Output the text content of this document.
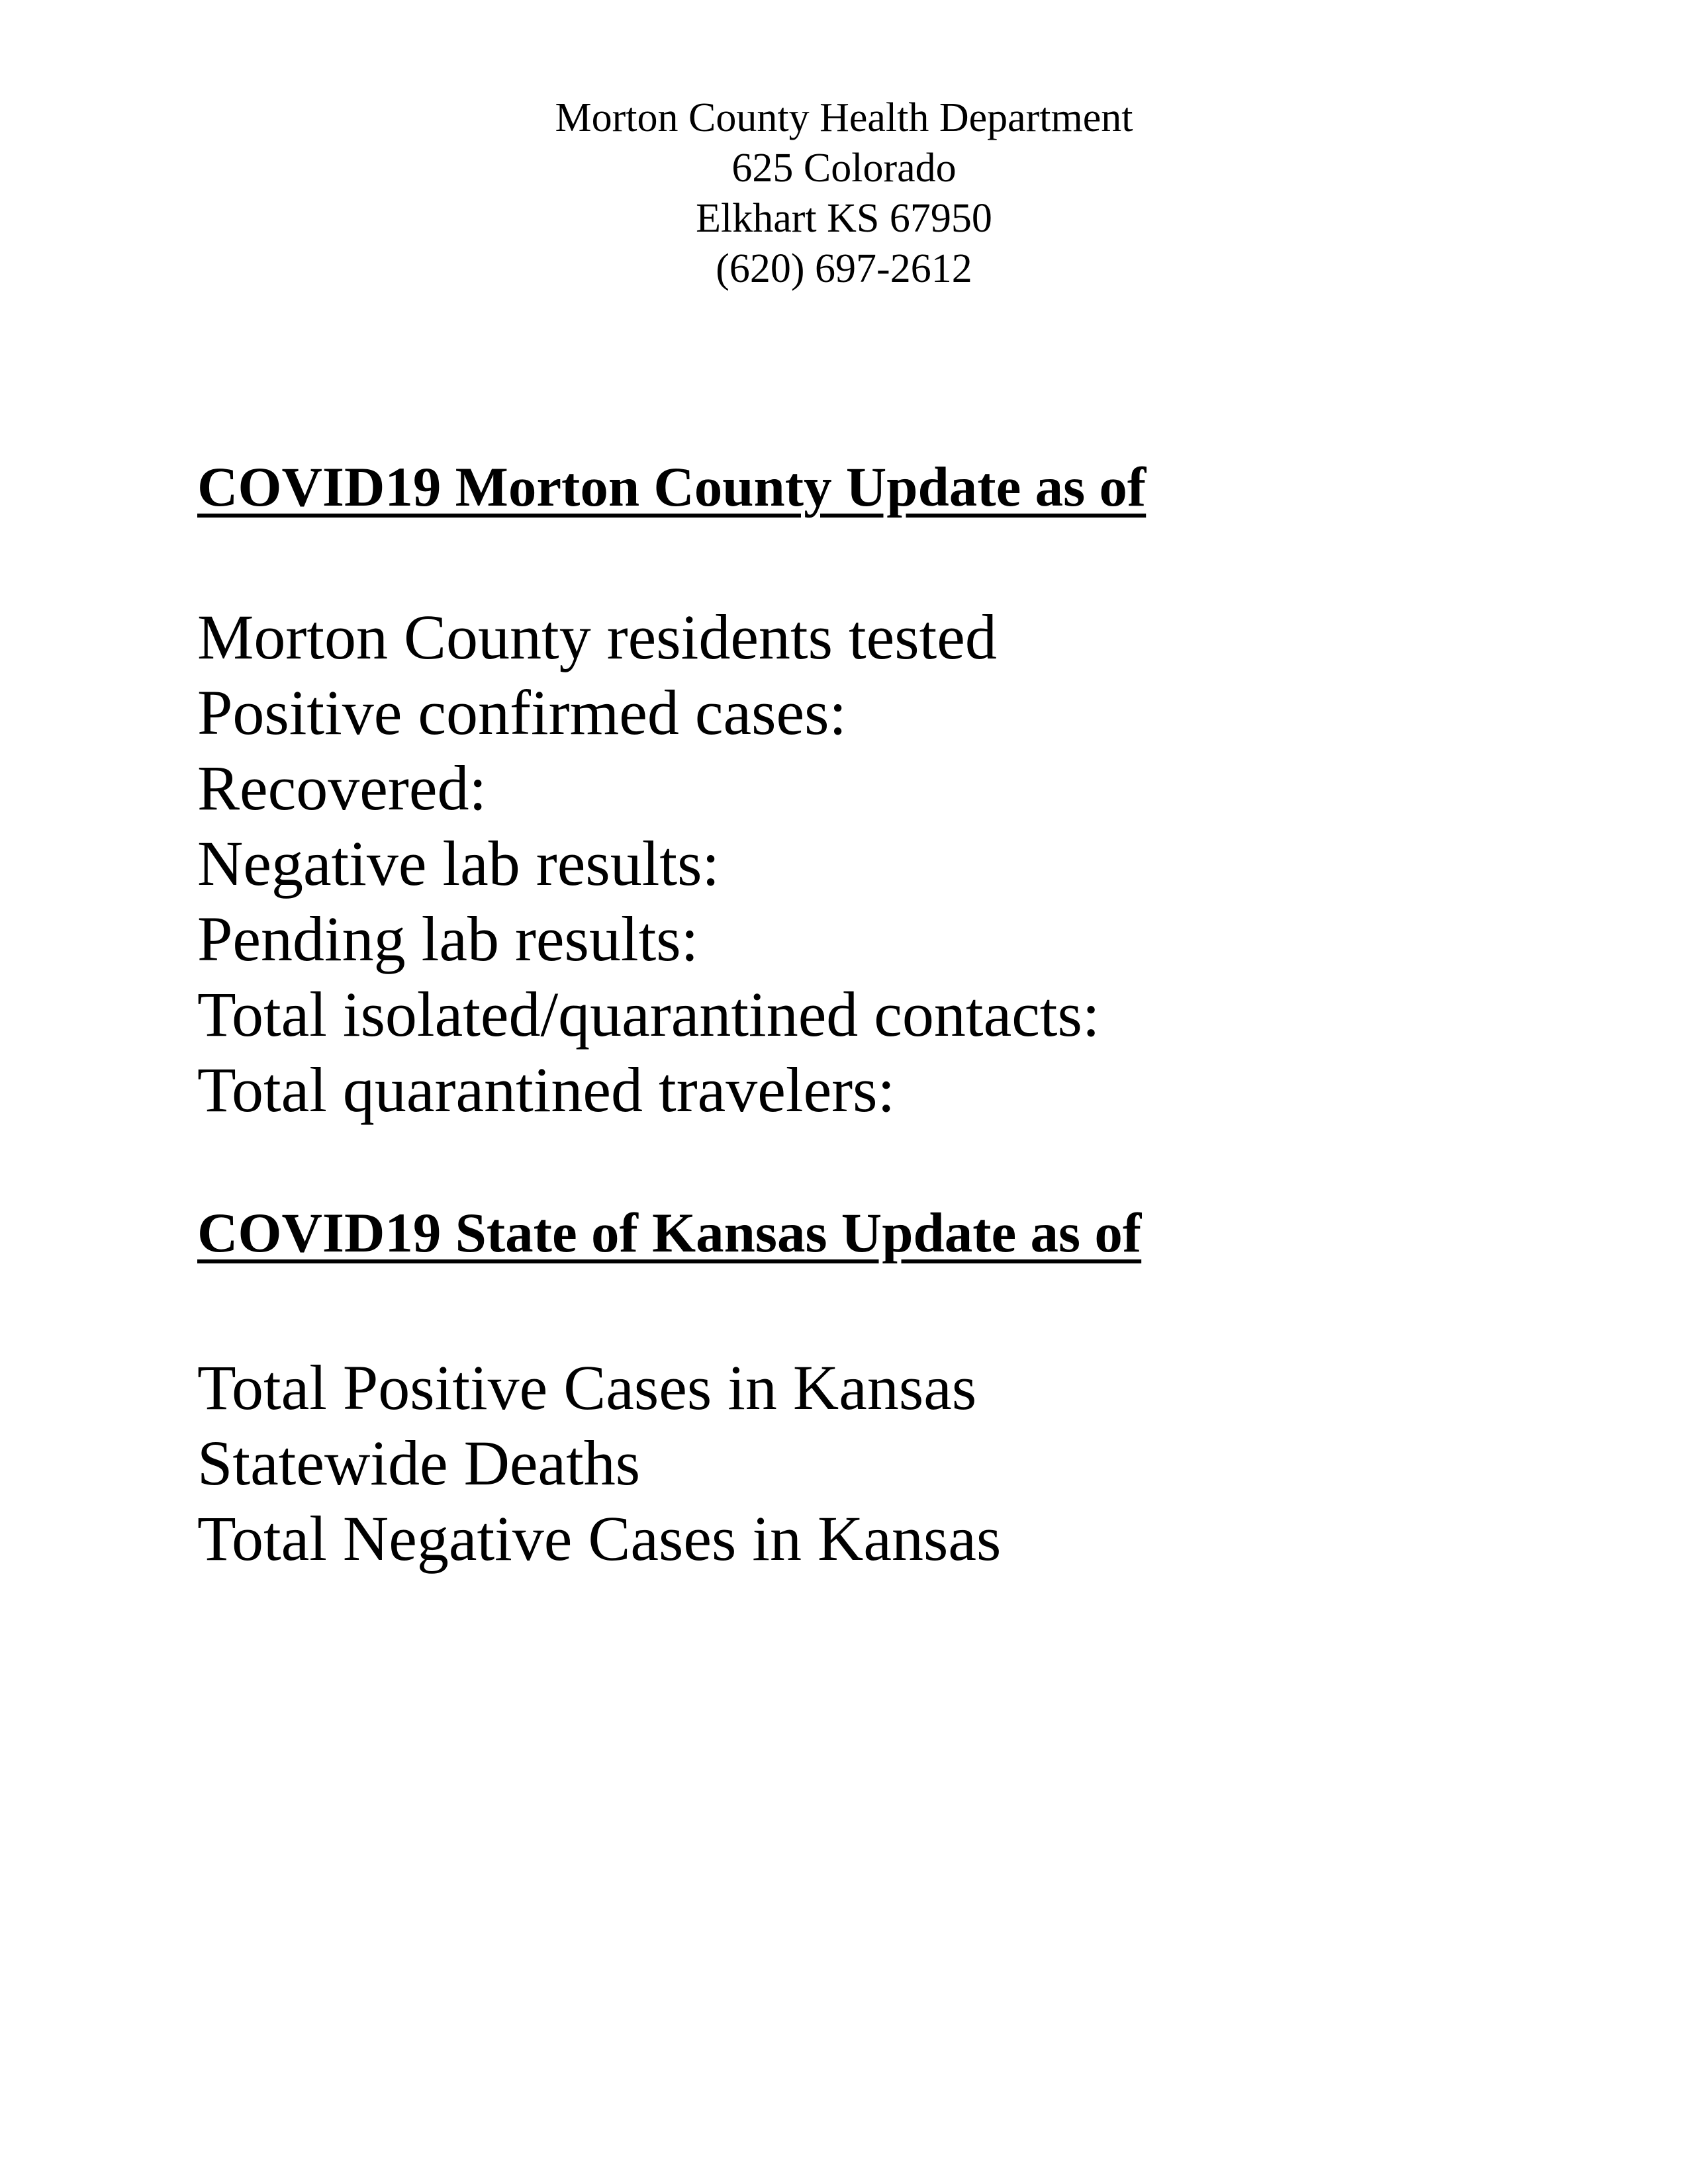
Morton County Health Department
625 Colorado
Elkhart KS 67950
(620) 697-2612
COVID19 Morton County Update as of
Morton County residents tested
Positive confirmed cases:
Recovered:
Negative lab results:
Pending lab results:
Total isolated/quarantined contacts:
Total quarantined travelers:
COVID19 State of Kansas Update as of
Total Positive Cases in Kansas
Statewide Deaths
Total Negative Cases in Kansas
